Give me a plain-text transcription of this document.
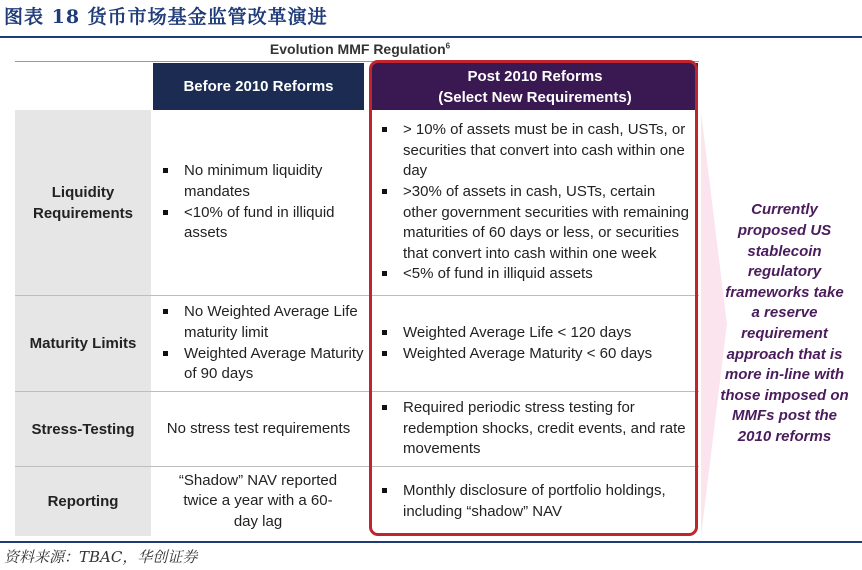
图表 18 货币市场基金监管改革演进
Evolution MMF Regulation$^6$
Before 2010 Reforms
Post 2010 Reforms
(Select New Requirements)
Liquidity Requirements
No minimum liquidity mandates
<10% of fund in illiquid assets
> 10% of assets must be in cash, USTs, or securities that convert into cash within one day
>30% of assets in cash, USTs, certain other government securities with remaining maturities of 60 days or less, or securities that convert into cash within one week
<5% of fund in illiquid assets
Maturity Limits
No Weighted Average Life maturity limit
Weighted Average Maturity of 90 days
Weighted Average Life < 120 days
Weighted Average Maturity < 60 days
Stress-Testing	No stress test requirements
Required periodic stress testing for redemption shocks, credit events, and rate movements
Reporting
“Shadow” NAV reported twice a year with a 60-day lag
Monthly disclosure of portfolio holdings, including “shadow” NAV
Currently proposed US stablecoin regulatory frameworks take a reserve requirement approach that is more in-line with those imposed on MMFs post the 2010 reforms
资料来源：TBAC，华创证券
